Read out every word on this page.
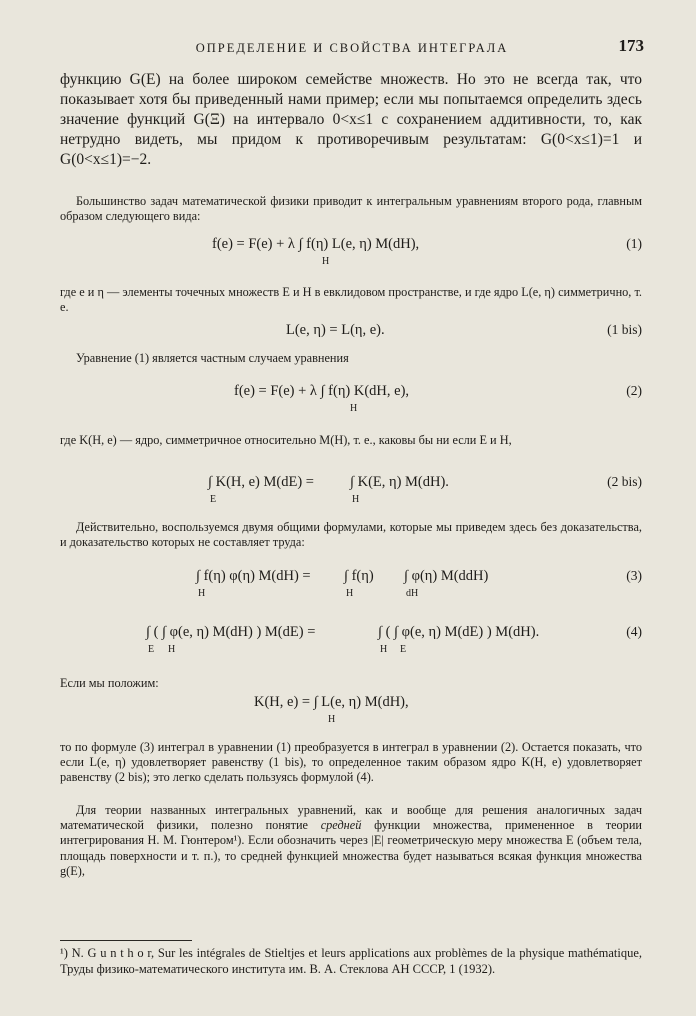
ОПРЕДЕЛЕНИЕ И СВОЙСТВА ИНТЕГРАЛА	173
функцию G(E) на более широком семействе множеств. Но это не всегда так, что показывает хотя бы приведенный нами пример; если мы попытаемся определить здесь значение функций G(Ξ) на интервало 0<x≤1 с сохранением аддитивности, то, как нетрудно видеть, мы придом к противоречивым результатам: G(0<x≤1)=1 и G(0<x≤1)=−2.
Большинство задач математической физики приводит к интегральным уравнениям второго рода, главным образом следующего вида:
f(e) = F(e) + λ ∫ f(η) L(e, η) M(dH),
H
(1)
где e и η — элементы точечных множеств E и H в евклидовом пространстве, и где ядро L(e, η) симметрично, т. е.
L(e, η) = L(η, e).	(1 bis)
Уравнение (1) является частным случаем уравнения
f(e) = F(e) + λ ∫ f(η) K(dH, e),
H
(2)
где K(H, e) — ядро, симметричное относительно M(H), т. е., каковы бы ни если E и H,
∫ K(H, e) M(dE) =
E
∫ K(E, η) M(dH).
H
(2 bis)
Действительно, воспользуемся двумя общими формулами, которые мы приведем здесь без доказательства, и доказательство которых не составляет труда:
∫ f(η) φ(η) M(dH) =
H
∫ f(η)
H
∫ φ(η) M(ddH)
dH
(3)
∫ ( ∫ φ(e, η) M(dH) ) M(dE) =
E H
∫ ( ∫ φ(e, η) M(dE) ) M(dH).
H E
(4)
Если мы положим:
K(H, e) = ∫ L(e, η) M(dH),
H
то по формуле (3) интеграл в уравнении (1) преобразуется в интеграл в уравнении (2). Остается показать, что если L(e, η) удовлетворяет равенству (1 bis), то определенное таким образом ядро K(H, e) удовлетворяет равенству (2 bis); это легко сделать пользуясь формулой (4).
Для теории названных интегральных уравнений, как и вообще для решения аналогичных задач математической физики, полезно понятие средней функции множества, примененное в теории интегрирования Н. М. Гюнтером¹). Если обозначить через |E| геометрическую меру множества E (объем тела, площадь поверхности и т. п.), то средней функцией множества будет называться всякая функция множества g(E),
¹) N. G u n t h o r, Sur les intégrales de Stieltjes et leurs applications aux problèmes de la physique mathématique, Труды физико-математического института им. В. А. Стеклова АН СССР, 1 (1932).
